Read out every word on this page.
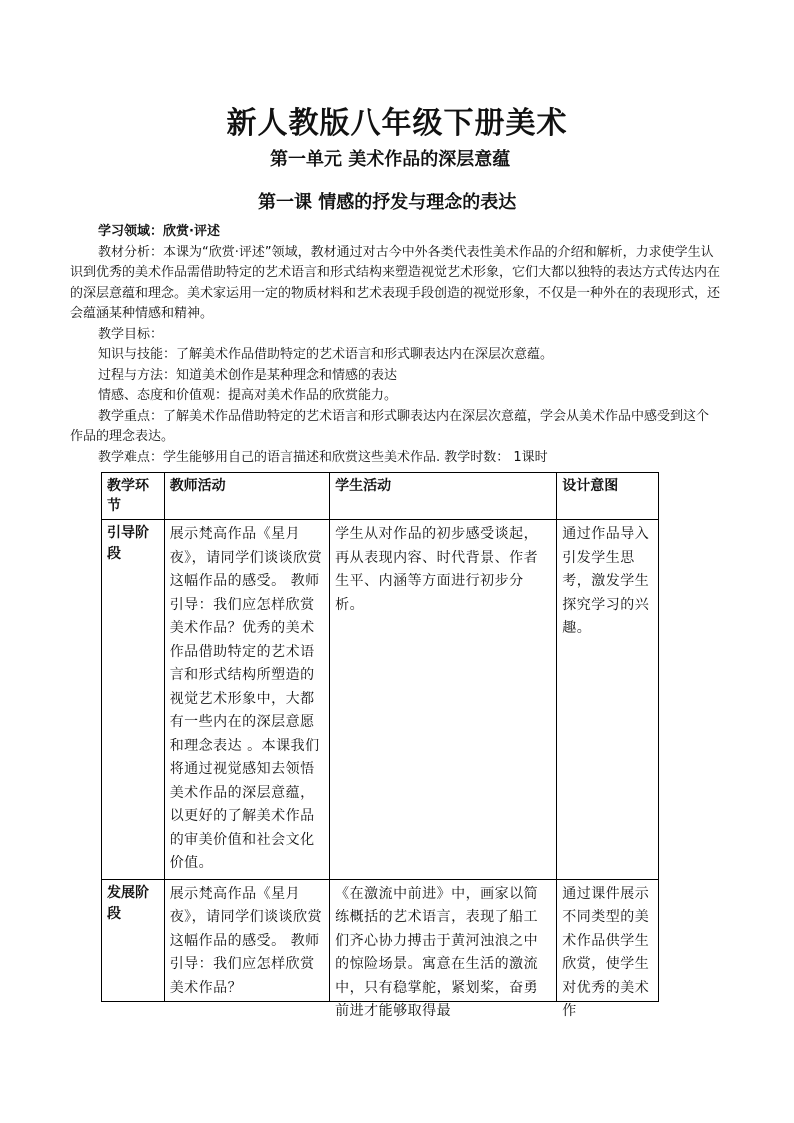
新人教版八年级下册美术
第一单元 美术作品的深层意蕴
第一课 情感的抒发与理念的表达

学习领域：欣赏·评述

教材分析：本课为“欣赏·评述”领域，教材通过对古今中外各类代表性美术作品的介绍和解析，力求使学生认识到优秀的美术作品需借助特定的艺术语言和形式结构来塑造视觉艺术形象，它们大都以独特的表达方式传达内在的深层意蕴和理念。美术家运用一定的物质材料和艺术表现手段创造的视觉形象，不仅是一种外在的表现形式，还会蕴涵某种情感和精神。

教学目标：

知识与技能：了解美术作品借助特定的艺术语言和形式聊表达内在深层次意蕴。

过程与方法：知道美术创作是某种理念和情感的表达

情感、态度和价值观：提高对美术作品的欣赏能力。

教学重点：了解美术作品借助特定的艺术语言和形式聊表达内在深层次意蕴，学会从美术作品中感受到这个作品的理念表达。

教学难点：学生能够用自己的语言描述和欣赏这些美术作品. 教学时数： 1课时

教学环节	教师活动	学生活动	设计意图
引导阶段	展示梵高作品《星月夜》，请同学们谈谈欣赏这幅作品的感受。 教师引导：我们应怎样欣赏美术作品？优秀的美术作品借助特定的艺术语言和形式结构所塑造的视觉艺术形象中，大都有一些内在的深层意愿和理念表达 。本课我们将通过视觉感知去领悟美术作品的深层意蕴，以更好的了解美术作品的审美价值和社会文化价值。	学生从对作品的初步感受谈起，再从表现内容、时代背景、作者生平、内涵等方面进行初步分析。	通过作品导入引发学生思考，激发学生探究学习的兴趣。
发展阶段	展示梵高作品《星月夜》，请同学们谈谈欣赏这幅作品的感受。 教师引导：我们应怎样欣赏美术作品？	《在激流中前进》中，画家以简练概括的艺术语言，表现了船工们齐心协力搏击于黄河浊浪之中的惊险场景。寓意在生活的激流中，只有稳掌舵，紧划桨，奋勇前进才能够取得最	通过课件展示不同类型的美术作品供学生欣赏，使学生对优秀的美术作
